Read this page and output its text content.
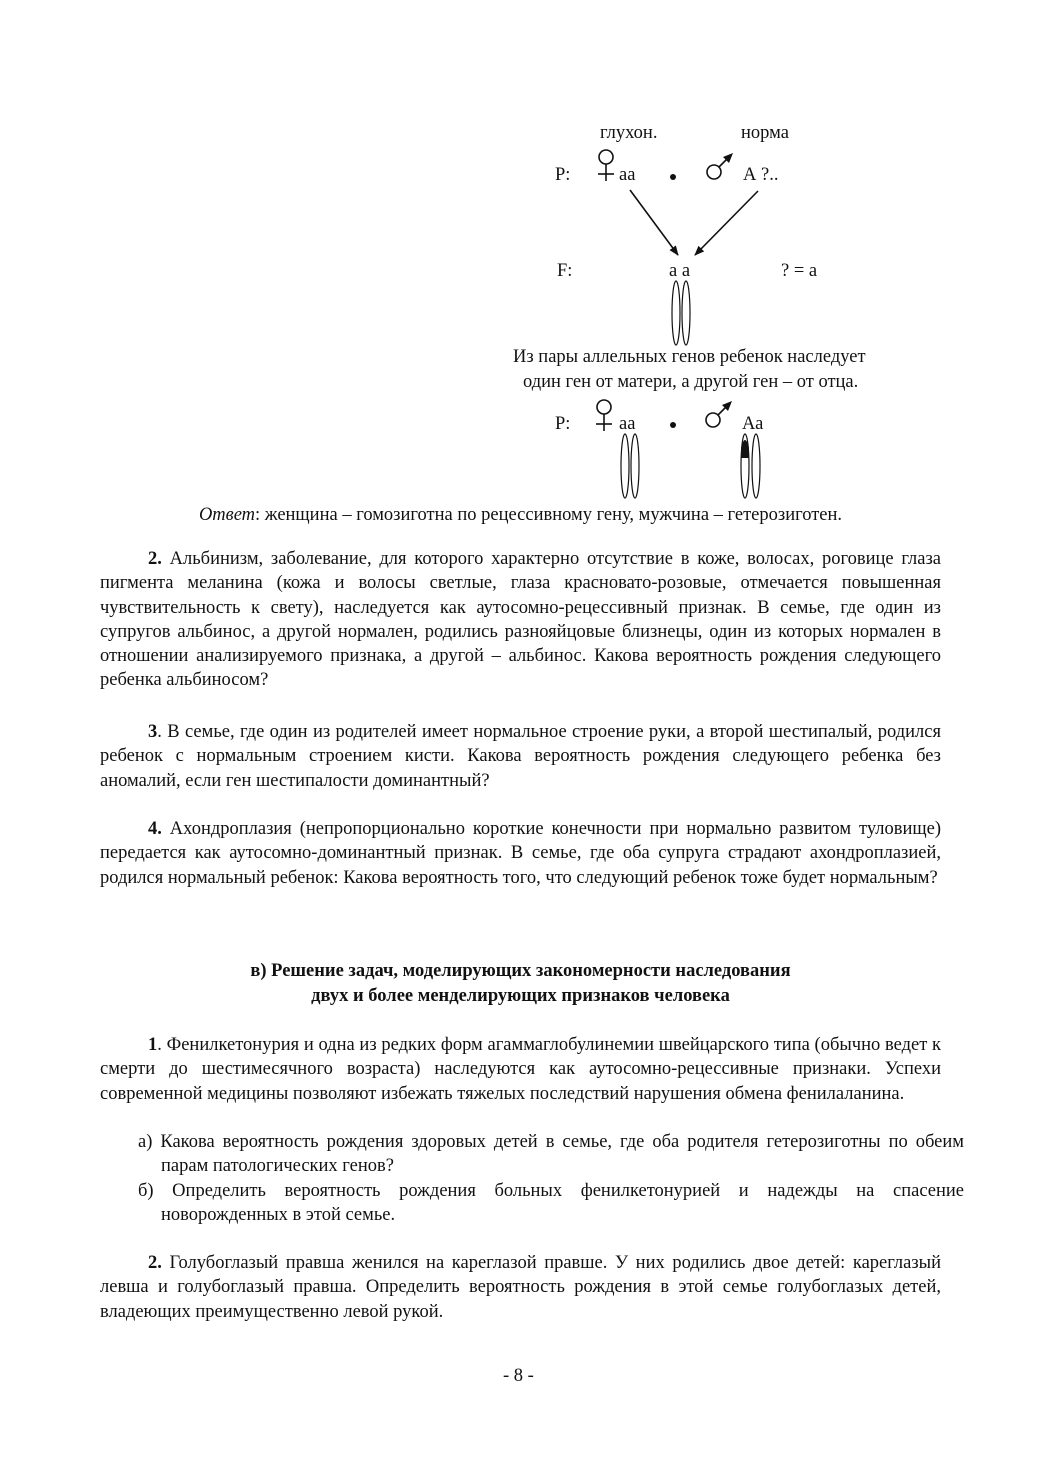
глухон.	норма
P:	аа	А ?..
F:	а а	? = а
Из пары аллельных генов ребенок наследует
один ген от матери, а другой ген – от отца.
P:	аа	Аа
Ответ: женщина – гомозиготна по рецессивному гену, мужчина – гетерозиготен.

2. Альбинизм, заболевание, для которого характерно отсутствие в коже, волосах, роговице глаза пигмента меланина (кожа и волосы светлые, глаза красновато-розовые, отмечается повышенная чувствительность к свету), наследуется как аутосомно-рецессивный признак. В семье, где один из супругов альбинос, а другой нормален, родились разнояйцовые близнецы, один из которых нормален в отношении анализируемого признака, а другой – альбинос. Какова вероятность рождения следующего ребенка альбиносом?

3. В семье, где один из родителей имеет нормальное строение руки, а второй шестипалый, родился ребенок с нормальным строением кисти. Какова вероятность рождения следующего ребенка без аномалий, если ген шестипалости доминантный?

4. Ахондроплазия (непропорционально короткие конечности при нормально развитом туловище) передается как аутосомно-доминантный признак. В семье, где оба супруга страдают ахондроплазией, родился нормальный ребенок: Какова вероятность того, что следующий ребенок тоже будет нормальным?

в) Решение задач, моделирующих закономерности наследования
двух и более менделирующих признаков человека

1. Фенилкетонурия и одна из редких форм агаммаглобулинемии швейцарского типа (обычно ведет к смерти до шестимесячного возраста) наследуются как аутосомно-рецессивные признаки. Успехи современной медицины позволяют избежать тяжелых последствий нарушения обмена фенилаланина.

а) Какова вероятность рождения здоровых детей в семье, где оба родителя гетерозиготны по обеим парам патологических генов?

б) Определить вероятность рождения больных фенилкетонурией и надежды на спасение новорожденных в этой семье.

2. Голубоглазый правша женился на кареглазой правше. У них родились двое детей: кареглазый левша и голубоглазый правша. Определить вероятность рождения в этой семье голубоглазых детей, владеющих преимущественно левой рукой.

- 8 -
